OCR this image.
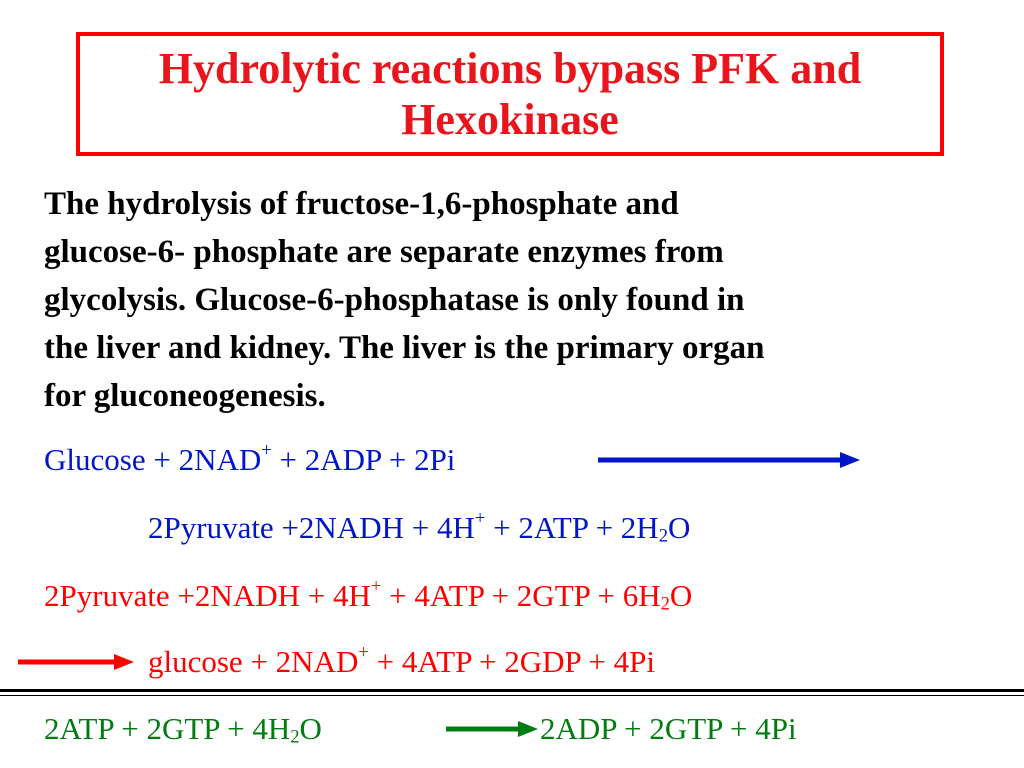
Hydrolytic reactions bypass PFK and
Hexokinase
The hydrolysis of fructose-1,6-phosphate and
glucose-6- phosphate are separate enzymes from
glycolysis. Glucose-6-phosphatase is only found in
the liver and kidney. The liver is the primary organ
for gluconeogenesis.
Glucose + 2NAD+ + 2ADP + 2Pi
2Pyruvate +2NADH + $4H^+ + 2ATP + 2H_2O$
2Pyruvate +2NADH + $4H^+ + 4ATP + 2GTP + 6H_2O$
glucose + 2NAD+ + 4ATP + 2GDP + 4Pi
$2ATP + 2GTP + 4H_2O$	2ADP + 2GTP + 4Pi
